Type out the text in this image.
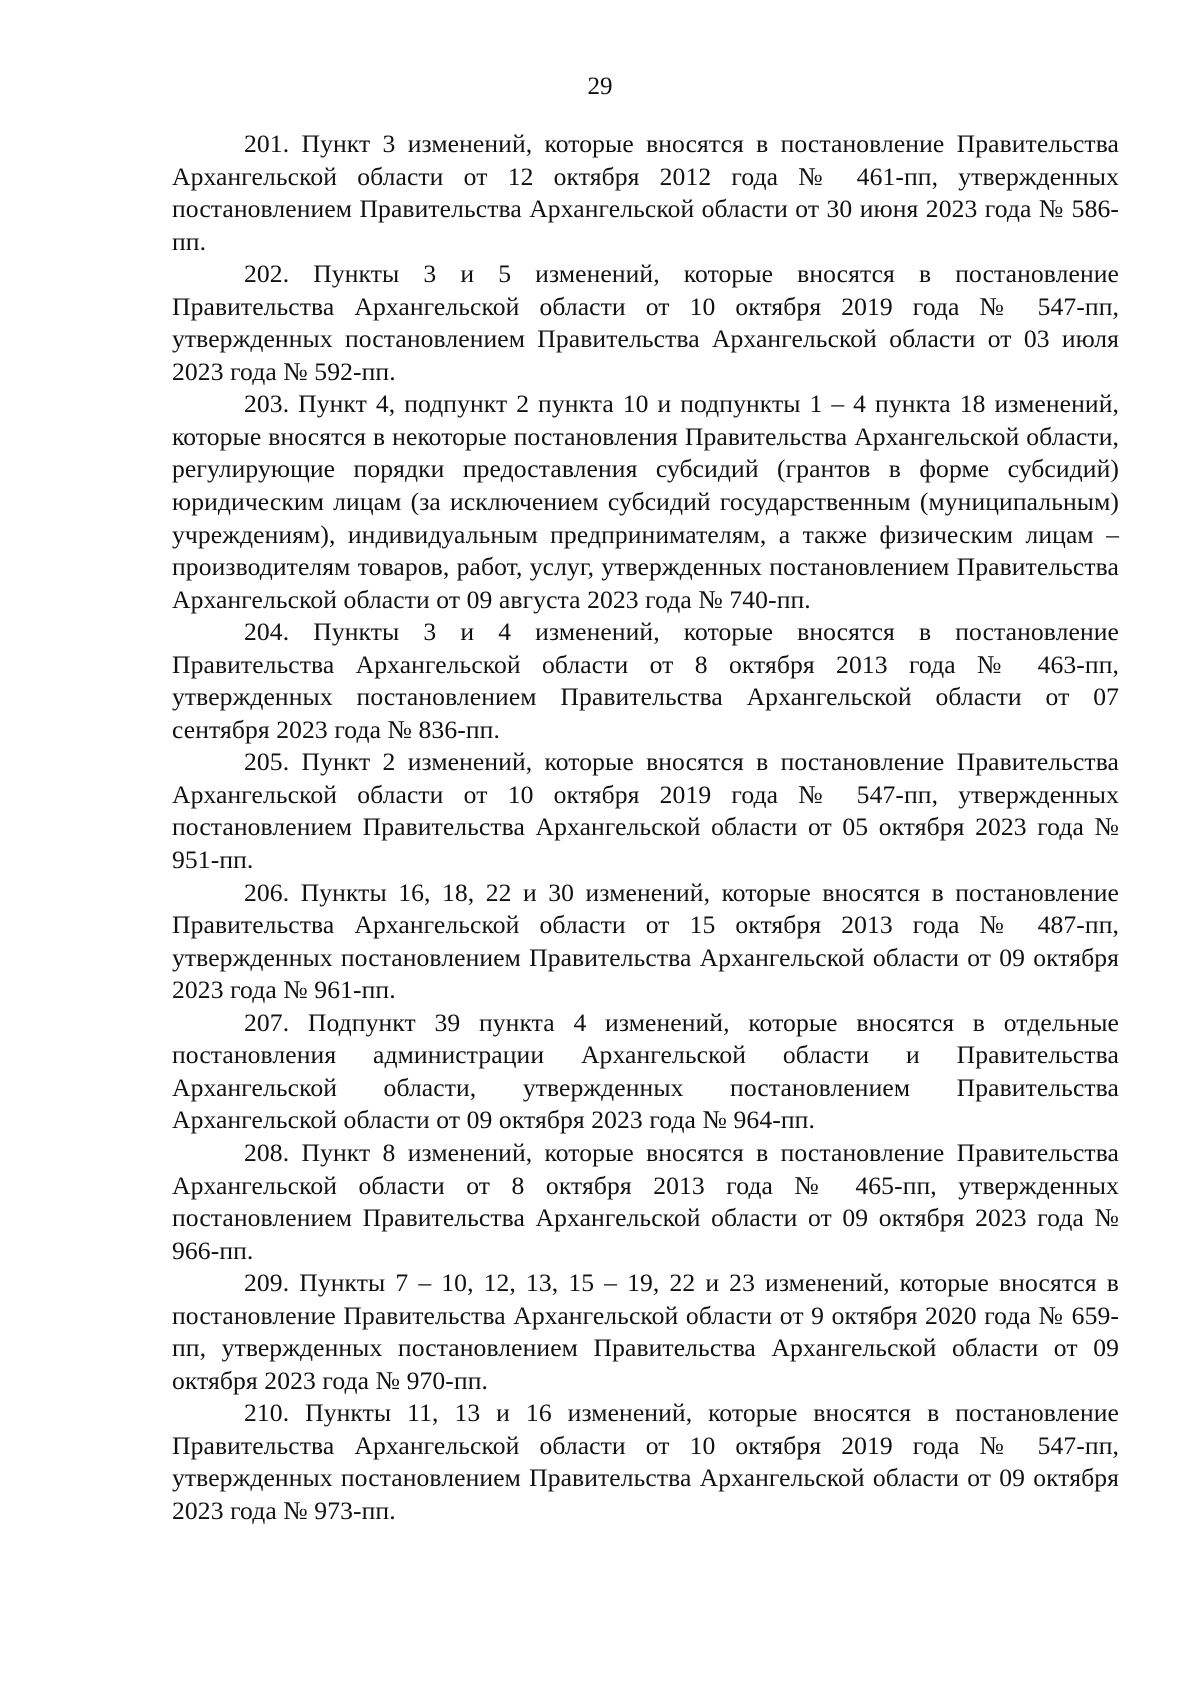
29

201. Пункт 3 изменений, которые вносятся в постановление Правительства Архангельской области от 12 октября 2012 года № 461-пп, утвержденных постановлением Правительства Архангельской области от 30 июня 2023 года № 586-пп.

202. Пункты 3 и 5 изменений, которые вносятся в постановление Правительства Архангельской области от 10 октября 2019 года № 547-пп, утвержденных постановлением Правительства Архангельской области от 03 июля 2023 года № 592-пп.

203. Пункт 4, подпункт 2 пункта 10 и подпункты 1 – 4 пункта 18 изменений, которые вносятся в некоторые постановления Правительства Архангельской области, регулирующие порядки предоставления субсидий (грантов в форме субсидий) юридическим лицам (за исключением субсидий государственным (муниципальным) учреждениям), индивидуальным предпринимателям, а также физическим лицам – производителям товаров, работ, услуг, утвержденных постановлением Правительства Архангельской области от 09 августа 2023 года № 740-пп.

204. Пункты 3 и 4 изменений, которые вносятся в постановление Правительства Архангельской области от 8 октября 2013 года № 463-пп, утвержденных постановлением Правительства Архангельской области от 07 сентября 2023 года № 836-пп.

205. Пункт 2 изменений, которые вносятся в постановление Правительства Архангельской области от 10 октября 2019 года № 547-пп, утвержденных постановлением Правительства Архангельской области от 05 октября 2023 года № 951-пп.

206. Пункты 16, 18, 22 и 30 изменений, которые вносятся в постановление Правительства Архангельской области от 15 октября 2013 года № 487-пп, утвержденных постановлением Правительства Архангельской области от 09 октября 2023 года № 961-пп.

207. Подпункт 39 пункта 4 изменений, которые вносятся в отдельные постановления администрации Архангельской области и Правительства Архангельской области, утвержденных постановлением Правительства Архангельской области от 09 октября 2023 года № 964-пп.

208. Пункт 8 изменений, которые вносятся в постановление Правительства Архангельской области от 8 октября 2013 года № 465-пп, утвержденных постановлением Правительства Архангельской области от 09 октября 2023 года № 966-пп.

209. Пункты 7 – 10, 12, 13, 15 – 19, 22 и 23 изменений, которые вносятся в постановление Правительства Архангельской области от 9 октября 2020 года № 659-пп, утвержденных постановлением Правительства Архангельской области от 09 октября 2023 года № 970-пп.

210. Пункты 11, 13 и 16 изменений, которые вносятся в постановление Правительства Архангельской области от 10 октября 2019 года № 547-пп, утвержденных постановлением Правительства Архангельской области от 09 октября 2023 года № 973-пп.
